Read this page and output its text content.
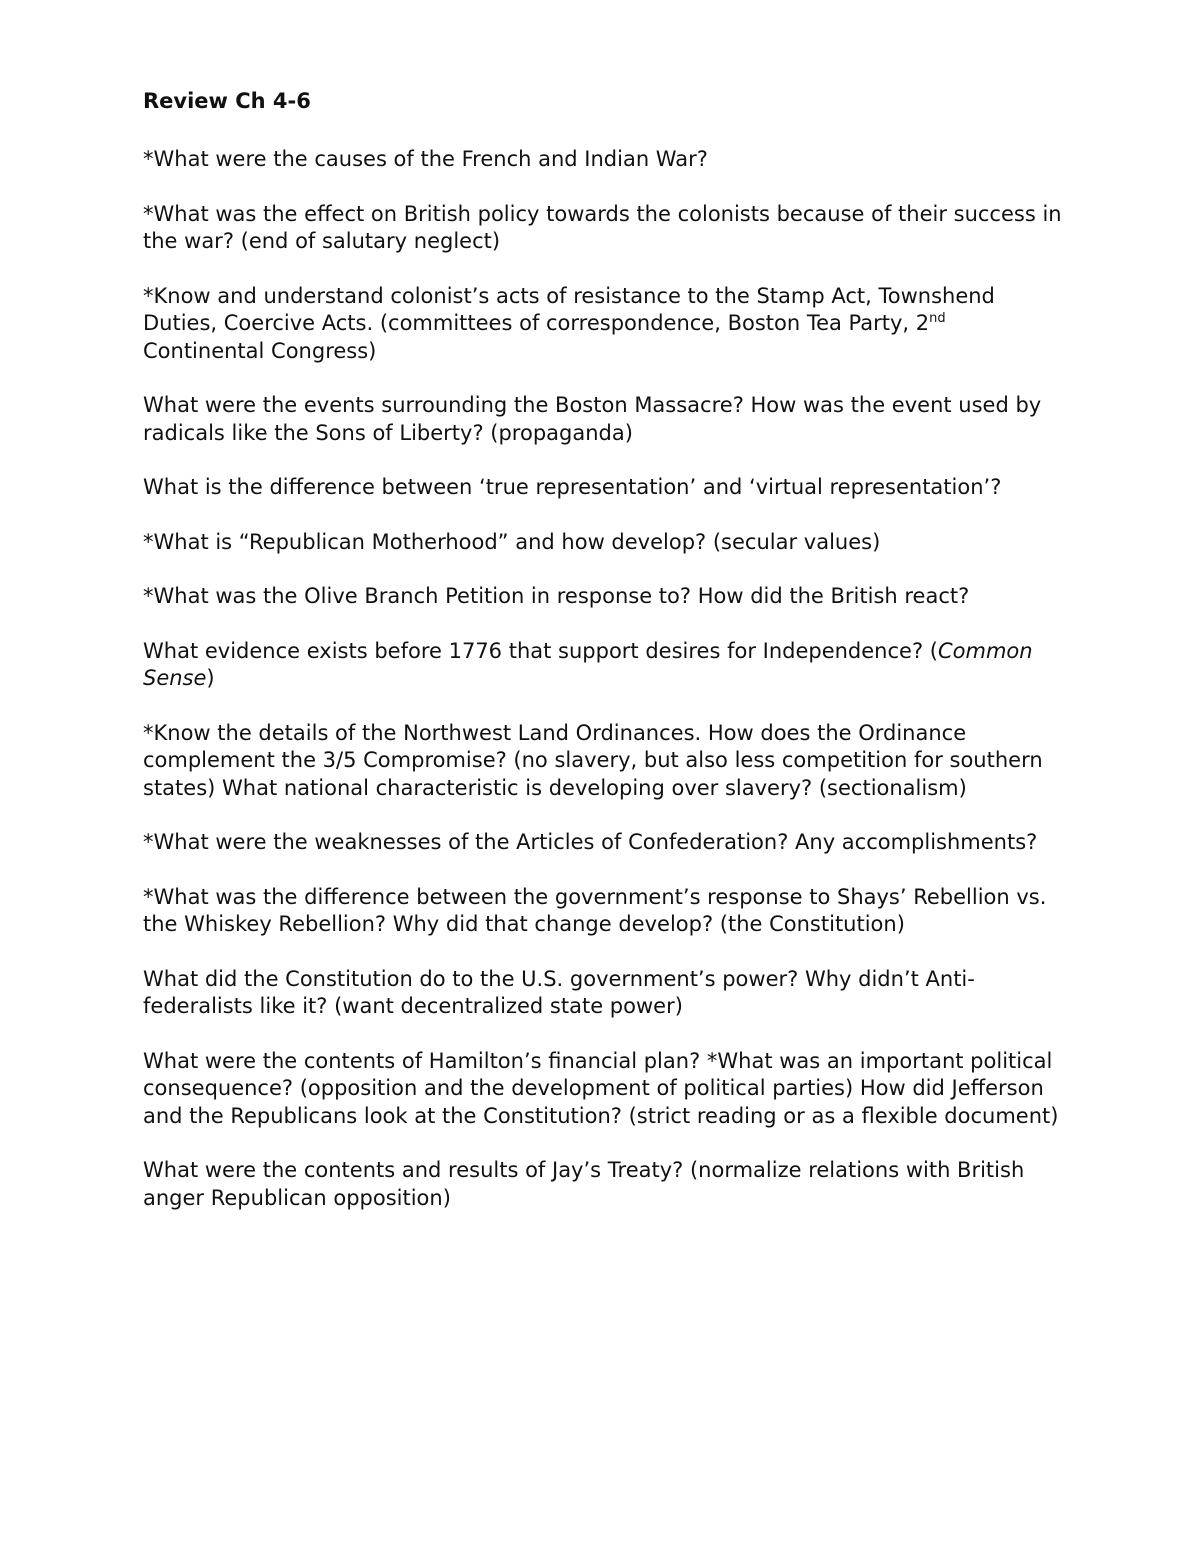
Review Ch 4-6

*What were the causes of the French and Indian War?

*What was the effect on British policy towards the colonists because of their success in the war? (end of salutary neglect)

*Know and understand colonist’s acts of resistance to the Stamp Act, Townshend Duties, Coercive Acts. (committees of correspondence, Boston Tea Party, 2nd Continental Congress)

What were the events surrounding the Boston Massacre? How was the event used by radicals like the Sons of Liberty? (propaganda)

What is the difference between ‘true representation’ and ‘virtual representation’?

*What is “Republican Motherhood” and how develop? (secular values)

*What was the Olive Branch Petition in response to? How did the British react?

What evidence exists before 1776 that support desires for Independence? (Common Sense)

*Know the details of the Northwest Land Ordinances. How does the Ordinance complement the 3/5 Compromise? (no slavery, but also less competition for southern states) What national characteristic is developing over slavery? (sectionalism)

*What were the weaknesses of the Articles of Confederation? Any accomplishments?

*What was the difference between the government’s response to Shays’ Rebellion vs. the Whiskey Rebellion? Why did that change develop? (the Constitution)

What did the Constitution do to the U.S. government’s power? Why didn’t Anti-federalists like it? (want decentralized state power)

What were the contents of Hamilton’s financial plan? *What was an important political consequence? (opposition and the development of political parties) How did Jefferson and the Republicans look at the Constitution? (strict reading or as a flexible document)

What were the contents and results of Jay’s Treaty? (normalize relations with British anger Republican opposition)
